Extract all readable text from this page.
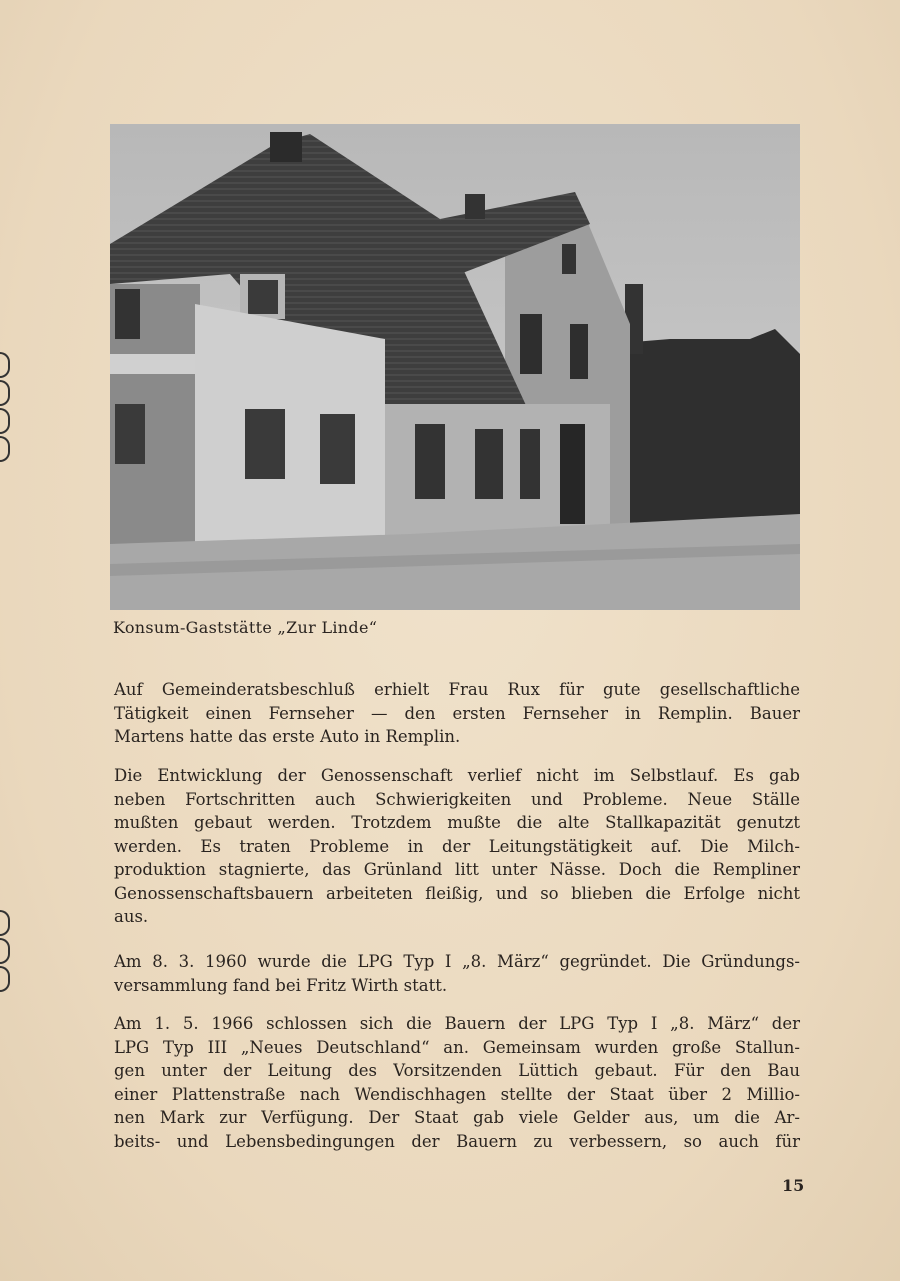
Konsum-Gaststätte „Zur Linde“
Auf Gemeinderatsbeschluß erhielt Frau Rux für gute gesellschaftliche
Tätigkeit einen Fernseher — den ersten Fernseher in Remplin. Bauer
Martens hatte das erste Auto in Remplin.
Die Entwicklung der Genossenschaft verlief nicht im Selbstlauf. Es gab
neben Fortschritten auch Schwierigkeiten und Probleme. Neue Ställe
mußten gebaut werden. Trotzdem mußte die alte Stallkapazität genutzt
werden. Es traten Probleme in der Leitungstätigkeit auf. Die Milch-
produktion stagnierte, das Grünland litt unter Nässe. Doch die Rempliner
Genossenschaftsbauern arbeiteten fleißig, und so blieben die Erfolge nicht
aus.
Am 8. 3. 1960 wurde die LPG Typ I „8. März“ gegründet. Die Gründungs-
versammlung fand bei Fritz Wirth statt.
Am 1. 5. 1966 schlossen sich die Bauern der LPG Typ I „8. März“ der
LPG Typ III „Neues Deutschland“ an. Gemeinsam wurden große Stallun-
gen unter der Leitung des Vorsitzenden Lüttich gebaut. Für den Bau
einer Plattenstraße nach Wendischhagen stellte der Staat über 2 Millio-
nen Mark zur Verfügung. Der Staat gab viele Gelder aus, um die Ar-
beits- und Lebensbedingungen der Bauern zu verbessern, so auch für
15
